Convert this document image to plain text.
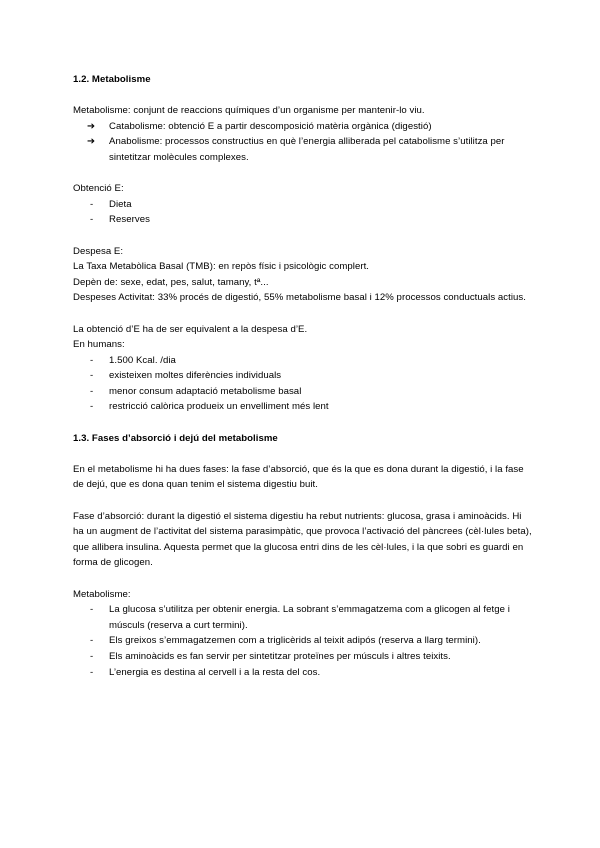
1.2. Metabolisme

Metabolisme: conjunt de reaccions químiques d’un organisme per mantenir-lo viu.

➔	Catabolisme: obtenció E a partir descomposició matèria orgànica (digestió)
➔	Anabolisme: processos constructius en què l’energia alliberada pel catabolisme s’utilitza per sintetitzar molècules complexes.

Obtenció E:

-	Dieta
-	Reserves

Despesa E:

La Taxa Metabòlica Basal (TMB): en repòs físic i psicològic complert.

Depèn de: sexe, edat, pes, salut, tamany, tª...

Despeses Activitat: 33% procés de digestió, 55% metabolisme basal i 12% processos conductuals actius.

La obtenció d’E ha de ser equivalent a la despesa d’E.

En humans:

-	1.500 Kcal. /dia
-	existeixen moltes diferències individuals
-	menor consum adaptació metabolisme basal
-	restricció calòrica produeix un envelliment més lent

1.3. Fases d’absorció i dejú del metabolisme

En el metabolisme hi ha dues fases: la fase d’absorció, que és la que es dona durant la digestió, i la fase de dejú, que es dona quan tenim el sistema digestiu buit.

Fase d’absorció: durant la digestió el sistema digestiu ha rebut nutrients: glucosa, grasa i aminoàcids. Hi ha un augment de l’activitat del sistema parasimpàtic, que provoca l’activació del pàncrees (cèl·lules beta), que allibera insulina. Aquesta permet que la glucosa entri dins de les cèl·lules, i la que sobri es guardi en forma de glicogen.

Metabolisme:

-	La glucosa s’utilitza per obtenir energia. La sobrant s’emmagatzema com a glicogen al fetge i músculs (reserva a curt termini).
-	Els greixos s’emmagatzemen com a triglicèrids al teixit adipós (reserva a llarg termini).
-	Els aminoàcids es fan servir per sintetitzar proteïnes per músculs i altres teixits.
-	L’energia es destina al cervell i a la resta del cos.
